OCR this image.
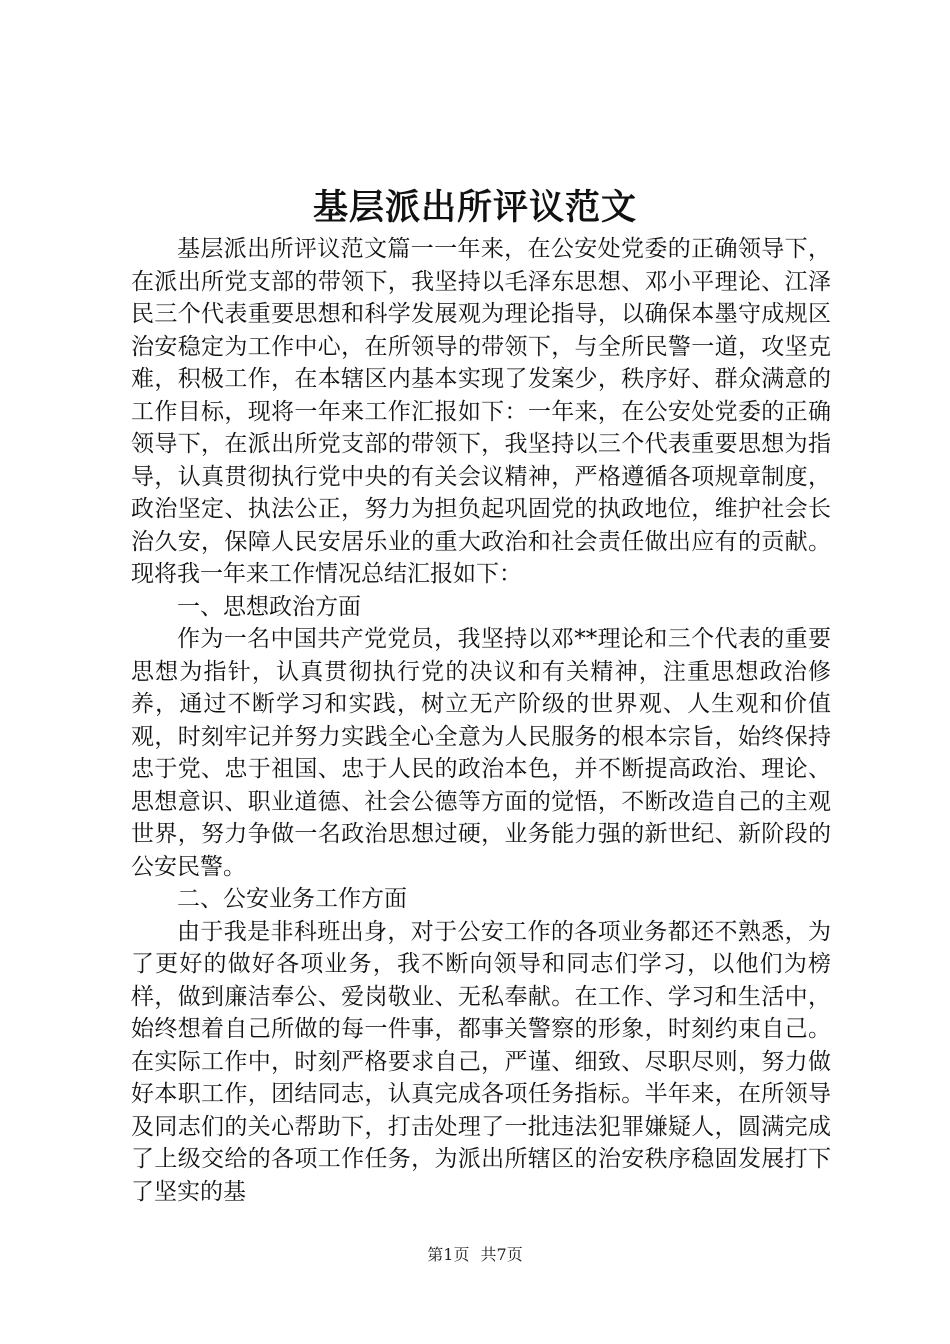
基层派出所评议范文

基层派出所评议范文篇一一年来，在公安处党委的正确领导下，在派出所党支部的带领下，我坚持以毛泽东思想、邓小平理论、江泽民三个代表重要思想和科学发展观为理论指导，以确保本墨守成规区治安稳定为工作中心，在所领导的带领下，与全所民警一道，攻坚克难，积极工作，在本辖区内基本实现了发案少，秩序好、群众满意的工作目标，现将一年来工作汇报如下：一年来，在公安处党委的正确领导下，在派出所党支部的带领下，我坚持以三个代表重要思想为指导，认真贯彻执行党中央的有关会议精神，严格遵循各项规章制度，政治坚定、执法公正，努力为担负起巩固党的执政地位，维护社会长治久安，保障人民安居乐业的重大政治和社会责任做出应有的贡献。现将我一年来工作情况总结汇报如下：

一、思想政治方面

作为一名中国共产党党员，我坚持以邓**理论和三个代表的重要思想为指针，认真贯彻执行党的决议和有关精神，注重思想政治修养，通过不断学习和实践，树立无产阶级的世界观、人生观和价值观，时刻牢记并努力实践全心全意为人民服务的根本宗旨，始终保持忠于党、忠于祖国、忠于人民的政治本色，并不断提高政治、理论、思想意识、职业道德、社会公德等方面的觉悟，不断改造自己的主观世界，努力争做一名政治思想过硬，业务能力强的新世纪、新阶段的公安民警。

二、公安业务工作方面

由于我是非科班出身，对于公安工作的各项业务都还不熟悉，为了更好的做好各项业务，我不断向领导和同志们学习，以他们为榜样，做到廉洁奉公、爱岗敬业、无私奉献。在工作、学习和生活中，始终想着自己所做的每一件事，都事关警察的形象，时刻约束自己。在实际工作中，时刻严格要求自己，严谨、细致、尽职尽则，努力做好本职工作，团结同志，认真完成各项任务指标。半年来，在所领导及同志们的关心帮助下，打击处理了一批违法犯罪嫌疑人，圆满完成了上级交给的各项工作任务，为派出所辖区的治安秩序稳固发展打下了坚实的基

第1页 共7页
